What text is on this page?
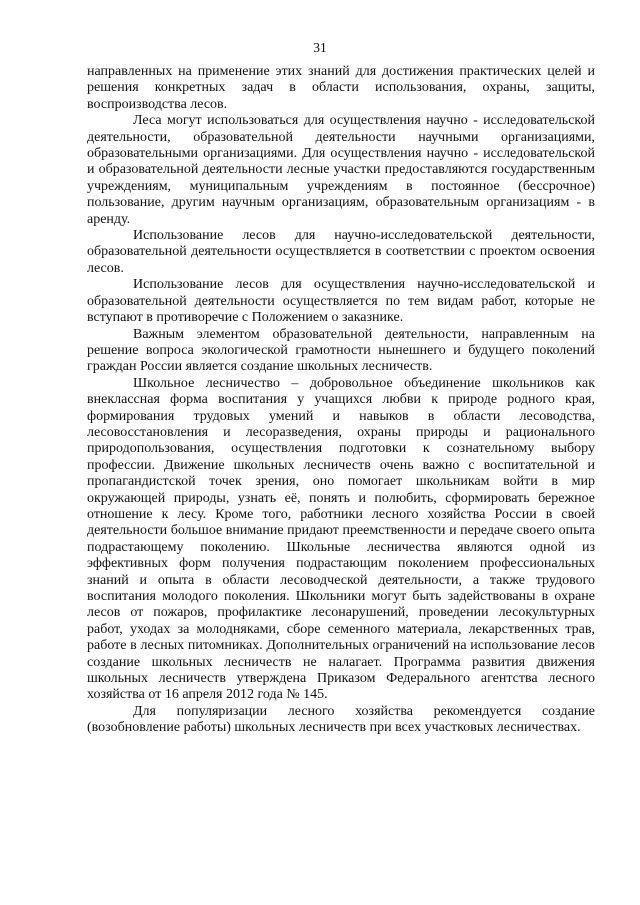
31

направленных на применение этих знаний для достижения практических целей и решения конкретных задач в области использования, охраны, защиты, воспроизводства лесов.

Леса могут использоваться для осуществления научно - исследовательской деятельности, образовательной деятельности научными организациями, образовательными организациями. Для осуществления научно - исследовательской и образовательной деятельности лесные участки предоставляются государственным учреждениям, муниципальным учреждениям в постоянное (бессрочное) пользование, другим научным организациям, образовательным организациям - в аренду.

Использование лесов для научно-исследовательской деятельности, образовательной деятельности осуществляется в соответствии с проектом освоения лесов.

Использование лесов для осуществления научно-исследовательской и образовательной деятельности осуществляется по тем видам работ, которые не вступают в противоречие с Положением о заказнике.

Важным элементом образовательной деятельности, направленным на решение вопроса экологической грамотности нынешнего и будущего поколений граждан России является создание школьных лесничеств.

Школьное лесничество – добровольное объединение школьников как внеклассная форма воспитания у учащихся любви к природе родного края, формирования трудовых умений и навыков в области лесоводства, лесовосстановления и лесоразведения, охраны природы и рационального природопользования, осуществления подготовки к сознательному выбору профессии. Движение школьных лесничеств очень важно с воспитательной и пропагандистской точек зрения, оно помогает школьникам войти в мир окружающей природы, узнать её, понять и полюбить, сформировать бережное отношение к лесу. Кроме того, работники лесного хозяйства России в своей деятельности большое внимание придают преемственности и передаче своего опыта подрастающему поколению. Школьные лесничества являются одной из эффективных форм получения подрастающим поколением профессиональных знаний и опыта в области лесоводческой деятельности, а также трудового воспитания молодого поколения. Школьники могут быть задействованы в охране лесов от пожаров, профилактике лесонарушений, проведении лесокультурных работ, уходах за молодняками, сборе семенного материала, лекарственных трав, работе в лесных питомниках. Дополнительных ограничений на использование лесов создание школьных лесничеств не налагает. Программа развития движения школьных лесничеств утверждена Приказом Федерального агентства лесного хозяйства от 16 апреля 2012 года № 145.

Для популяризации лесного хозяйства рекомендуется создание (возобновление работы) школьных лесничеств при всех участковых лесничествах.
